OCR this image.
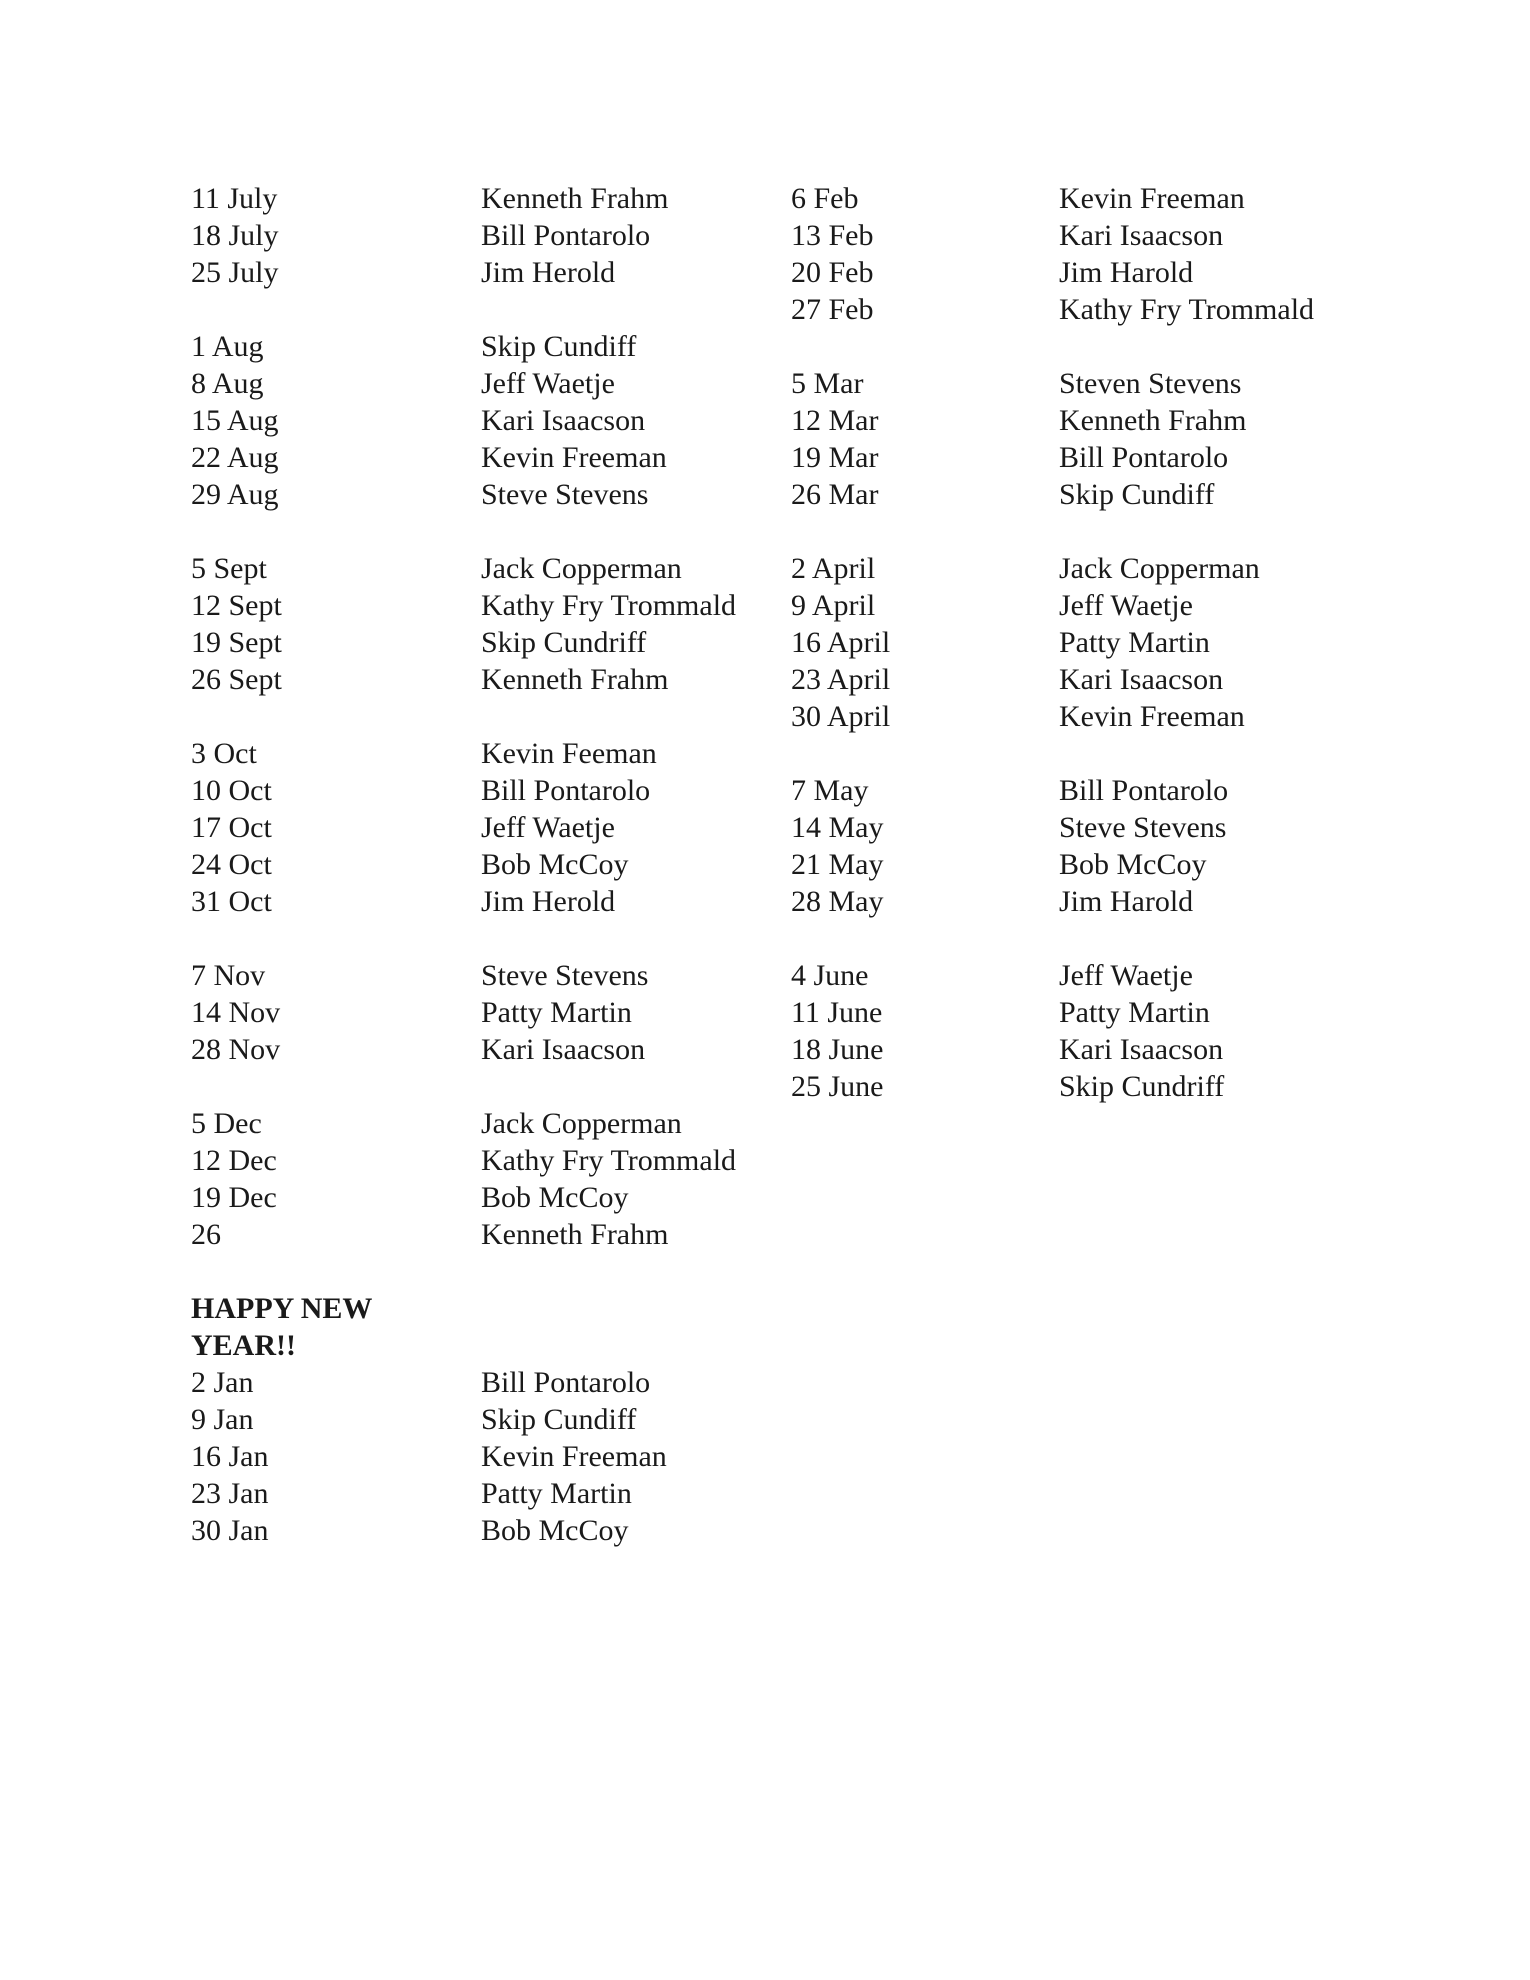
11 July	Kenneth Frahm
18 July	Bill Pontarolo
25 July	Jim Herold
1 Aug	Skip Cundiff
8 Aug	Jeff Waetje
15 Aug	Kari Isaacson
22 Aug	Kevin Freeman
29 Aug	Steve Stevens
5 Sept	Jack Copperman
12 Sept	Kathy Fry Trommald
19 Sept	Skip Cundriff
26 Sept	Kenneth Frahm
3 Oct	Kevin Feeman
10 Oct	Bill Pontarolo
17 Oct	Jeff Waetje
24 Oct	Bob McCoy
31 Oct	Jim Herold
7 Nov	Steve Stevens
14 Nov	Patty Martin
28 Nov	Kari Isaacson
5 Dec	Jack Copperman
12 Dec	Kathy Fry Trommald
19 Dec	Bob McCoy
26	Kenneth Frahm
HAPPY NEW YEAR!!
2 Jan	Bill Pontarolo
9 Jan	Skip Cundiff
16 Jan	Kevin Freeman
23 Jan	Patty Martin
30 Jan	Bob McCoy
6 Feb	Kevin Freeman
13 Feb	Kari Isaacson
20 Feb	Jim Harold
27 Feb	Kathy Fry Trommald
5 Mar	Steven Stevens
12 Mar	Kenneth Frahm
19 Mar	Bill Pontarolo
26 Mar	Skip Cundiff
2 April	Jack Copperman
9 April	Jeff Waetje
16 April	Patty Martin
23 April	Kari Isaacson
30 April	Kevin Freeman
7 May	Bill Pontarolo
14 May	Steve Stevens
21 May	Bob McCoy
28 May	Jim Harold
4 June	Jeff Waetje
11 June	Patty Martin
18 June	Kari Isaacson
25 June	Skip Cundriff
